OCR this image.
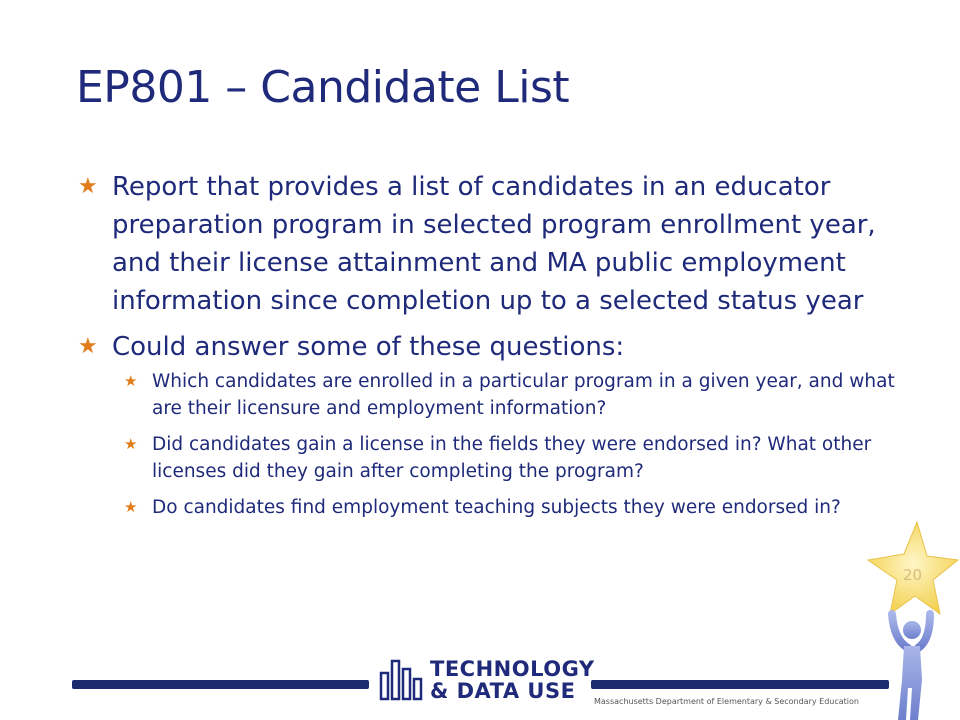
EP801 – Candidate List
★ Report that provides a list of candidates in an educator preparation program in selected program enrollment year, and their license attainment and MA public employment information since completion up to a selected status year
★ Could answer some of these questions:
★ Which candidates are enrolled in a particular program in a given year, and what are their licensure and employment information?
★ Did candidates gain a license in the fields they were endorsed in? What other licenses did they gain after completing the program?
★ Do candidates find employment teaching subjects they were endorsed in?
20
TECHNOLOGY
& DATA USE Massachusetts Department of Elementary & Secondary Education
